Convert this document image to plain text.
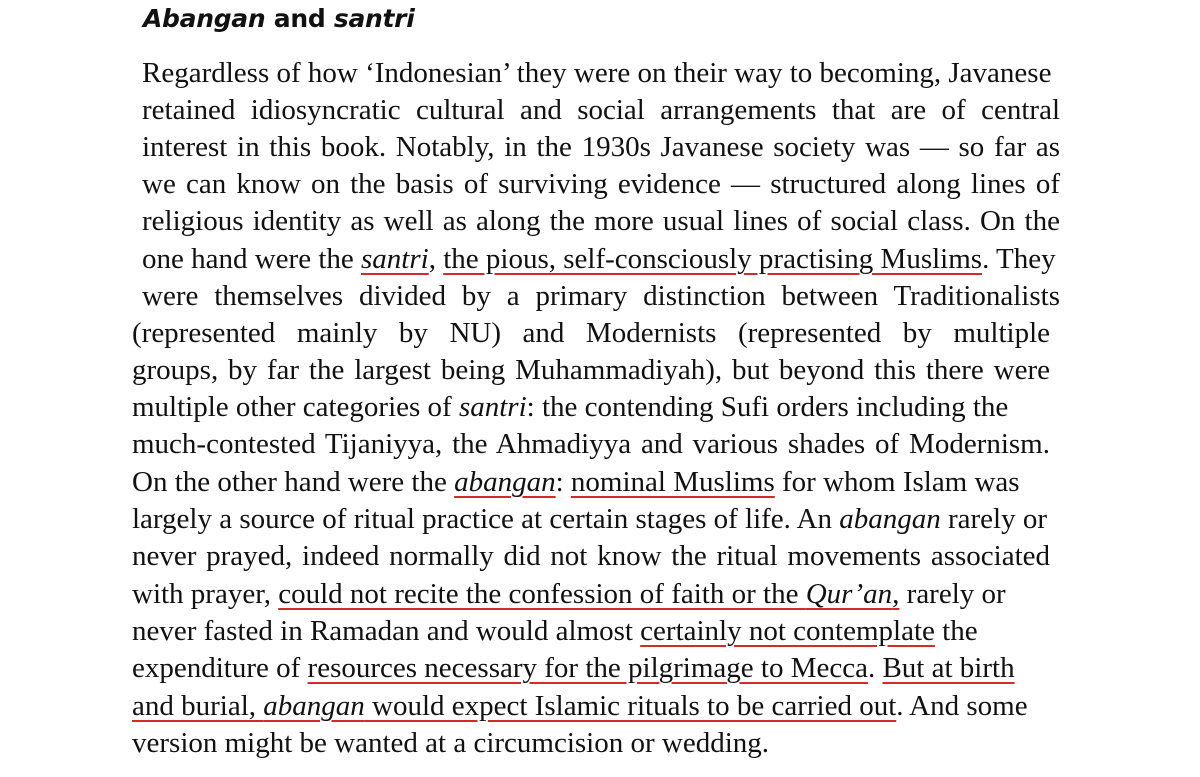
Abangan and santri
Regardless of how ‘Indonesian’ they were on their way to becoming, Javanese
retained idiosyncratic cultural and social arrangements that are of central
interest in this book. Notably, in the 1930s Javanese society was — so far as
we can know on the basis of surviving evidence — structured along lines of
religious identity as well as along the more usual lines of social class. On the
one hand were the santri, the pious, self-consciously practising Muslims. They
were themselves divided by a primary distinction between Traditionalists
(represented mainly by NU) and Modernists (represented by multiple
groups, by far the largest being Muhammadiyah), but beyond this there were
multiple other categories of santri: the contending Sufi orders including the
much-contested Tijaniyya, the Ahmadiyya and various shades of Modernism.
On the other hand were the abangan: nominal Muslims for whom Islam was
largely a source of ritual practice at certain stages of life. An abangan rarely or
never prayed, indeed normally did not know the ritual movements associated
with prayer, could not recite the confession of faith or the Qur’an, rarely or
never fasted in Ramadan and would almost certainly not contemplate the
expenditure of resources necessary for the pilgrimage to Mecca. But at birth
and burial, abangan would expect Islamic rituals to be carried out. And some
version might be wanted at a circumcision or wedding.
